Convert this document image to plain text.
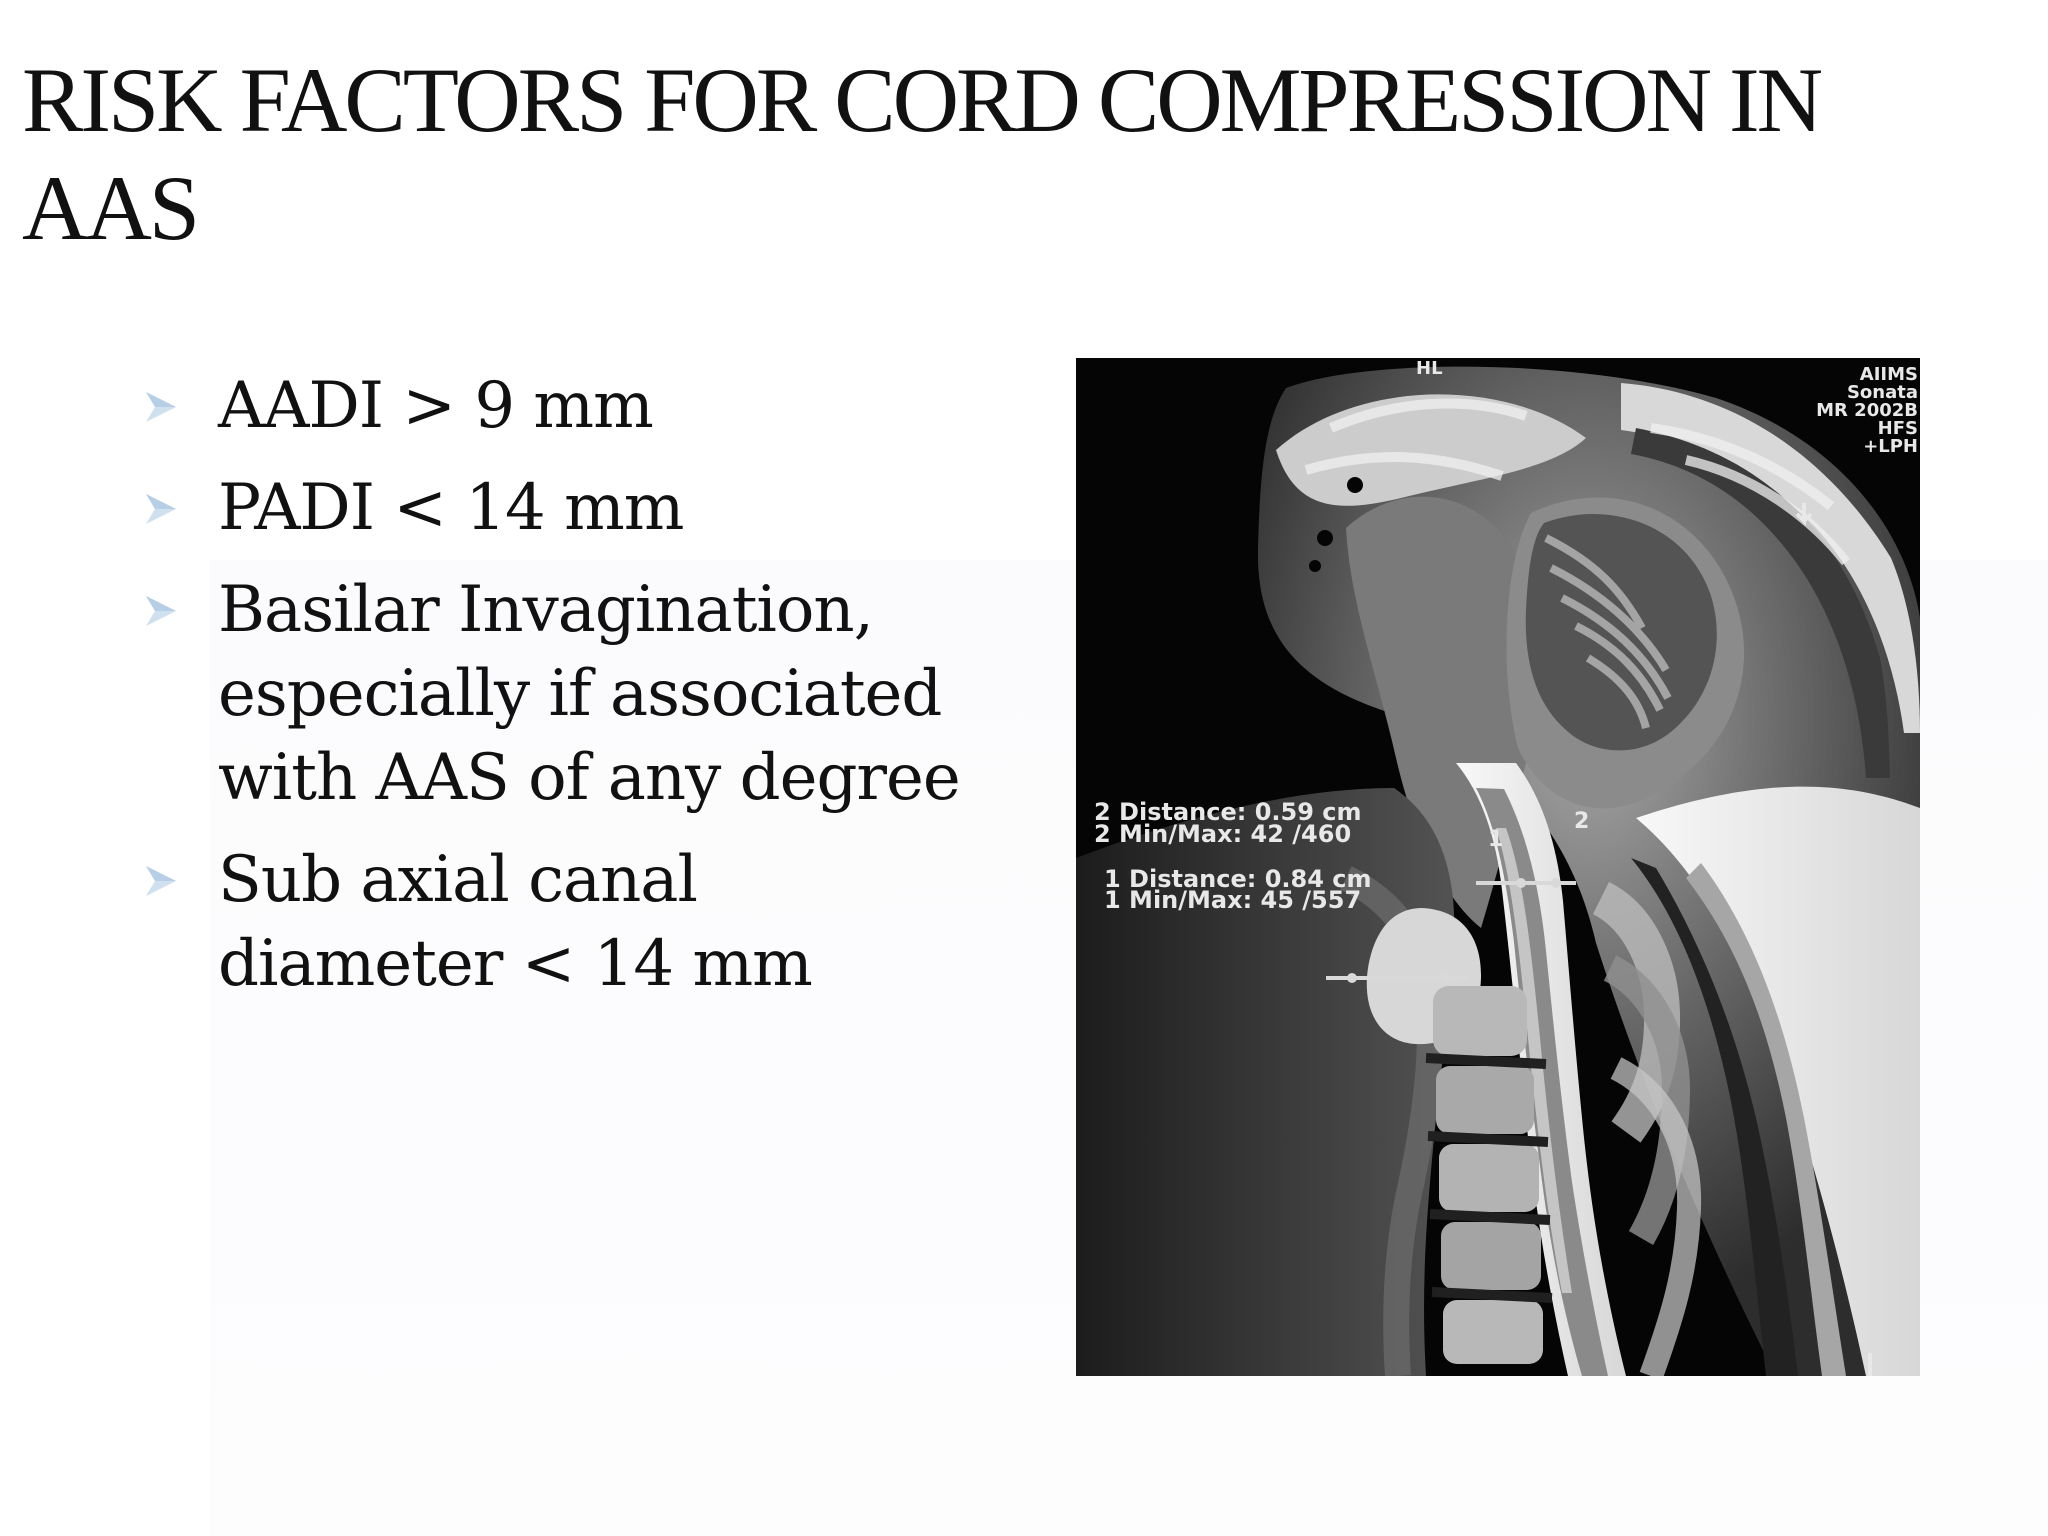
RISK FACTORS FOR CORD COMPRESSION IN AAS
AADI > 9 mm
PADI < 14 mm
Basilar Invagination, especially if associated with AAS of any degree
Sub axial canal diameter < 14 mm
HL	AIIMS
Sonata
MR 2002B
HFS
+LPH
2 Distance: 0.59 cm
2 Min/Max: 42 /460
1 Distance: 0.84 cm
1 Min/Max: 45 /557
1
2
